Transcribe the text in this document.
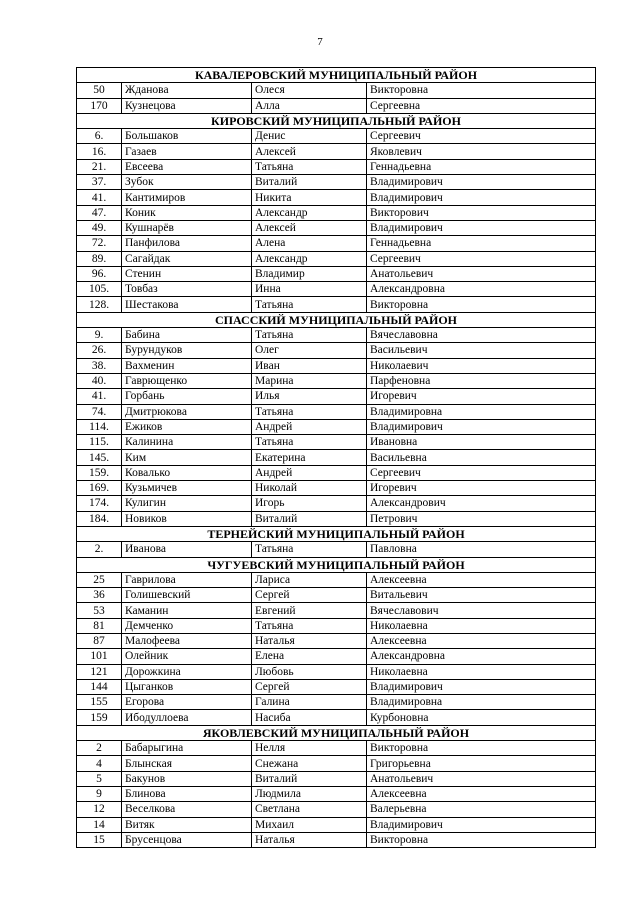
7
КАВАЛЕРОВСКИЙ МУНИЦИПАЛЬНЫЙ РАЙОН			
50	Жданова	Олеся	Викторовна
170	Кузнецова	Алла	Сергеевна
КИРОВСКИЙ МУНИЦИПАЛЬНЫЙ РАЙОН			
6.	Большаков	Денис	Сергеевич
16.	Газаев	Алексей	Яковлевич
21.	Евсеева	Татьяна	Геннадьевна
37.	Зубок	Виталий	Владимирович
41.	Кантимиров	Никита	Владимирович
47.	Коник	Александр	Викторович
49.	Кушнарёв	Алексей	Владимирович
72.	Панфилова	Алена	Геннадьевна
89.	Сагайдак	Александр	Сергеевич
96.	Стенин	Владимир	Анатольевич
105.	Товбаз	Инна	Александровна
128.	Шестакова	Татьяна	Викторовна
СПАССКИЙ МУНИЦИПАЛЬНЫЙ РАЙОН			
9.	Бабина	Татьяна	Вячеславовна
26.	Бурундуков	Олег	Васильевич
38.	Вахменин	Иван	Николаевич
40.	Гаврющенко	Марина	Парфеновна
41.	Горбань	Илья	Игоревич
74.	Дмитрюкова	Татьяна	Владимировна
114.	Ежиков	Андрей	Владимирович
115.	Калинина	Татьяна	Ивановна
145.	Ким	Екатерина	Васильевна
159.	Ковалько	Андрей	Сергеевич
169.	Кузьмичев	Николай	Игоревич
174.	Кулигин	Игорь	Александрович
184.	Новиков	Виталий	Петрович
ТЕРНЕЙСКИЙ МУНИЦИПАЛЬНЫЙ РАЙОН			
2.	Иванова	Татьяна	Павловна
ЧУГУЕВСКИЙ МУНИЦИПАЛЬНЫЙ РАЙОН			
25	Гаврилова	Лариса	Алексеевна
36	Голишевский	Сергей	Витальевич
53	Каманин	Евгений	Вячеславович
81	Демченко	Татьяна	Николаевна
87	Малофеева	Наталья	Алексеевна
101	Олейник	Елена	Александровна
121	Дорожкина	Любовь	Николаевна
144	Цыганков	Сергей	Владимирович
155	Егорова	Галина	Владимировна
159	Ибодуллоева	Насиба	Курбоновна
ЯКОВЛЕВСКИЙ МУНИЦИПАЛЬНЫЙ РАЙОН			
2	Бабарыгина	Нелля	Викторовна
4	Блынская	Снежана	Григорьевна
5	Бакунов	Виталий	Анатольевич
9	Блинова	Людмила	Алексеевна
12	Веселкова	Светлана	Валерьевна
14	Витяк	Михаил	Владимирович
15	Брусенцова	Наталья	Викторовна
